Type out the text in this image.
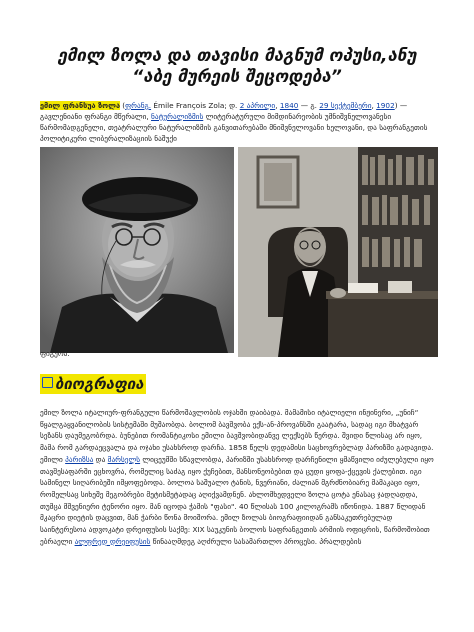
ემილ ზოლა და თავისი მაგნუმ ოპუსი,ანუ “აბე მურეის შეცოდება”
ემილ ფრანსუა ზოლა (ფრანგ. Émile François Zola; დ. 2 აპრილი, 1840 — გ. 29 სექტემბერი, 1902) — გავლენიანი ფრანგი მწერალი, ნატურალიზმის ლიტერატურული მიმდინარეობის უმნიშვნელოვანესი წარმომადგენელი, თეატრალური ნატურალიზმის განვითარებაში მნიშვნელოვანი ხელოვანი, და საფრანგეთის პოლიტიკური ლიბერალიზაციის ნაშუქი
ფიგურა.
ბიოგრაფია
ემილ ზოლა იტალიურ-ფრანგული წარმოშავლობის ოჯახში დაიბადა. მამამისი იტალიელი ინჟინერი, „უნიჩ“ წყალგაყვანილობის სისტემაში მუშაობდა. ბოლომ ბავშვობა ექს-ან-პროვანსში გაატარა, სადაც იგი მხატვარ სეზანს დაუმეგობრდა. ბუნებით რომანტიკოსი ემილი ბავშვობიდანვე ლექსებს წერდა. შვიდი წლისაც არ იყო, მამა რომ გარდაეცვალა და ოჯახი უსახსროდ დარჩა. 1858 წელს დედამისი საცხოვრებლად პარიზში გადავიდა. ემილი პარიზსა და მარსელს ლიცეუმში სწავლობდა, პარიზში უსახსროდ დარჩენილი ყმაწვილი იძულებული იყო თავშესაფარში ეცხოვრა, რომელიც საძაგ იყო ქუჩებით, შანსონეობებით და ცუდი ყოფა-ქცევის ქალებით. იგი სამინელ სიღარიბეში იმყოფებოდა. ბოლოა საშუალო ტანის, ნვერიანი, ძალიან მგრძნობიარე მამაკაცი იყო, რომელსაც სიხეშე მეგობრები მეტისმეტადაც აღიქვამდნენ. ახლომხედველი ზოლა ცოტა ენასაც ჯადღადდა, თუმცა მშვენიერი ტენორი იყო. მან იცოდა ჭამის "ფასი". 40 წლისას 100 კილოგრამს იწონიდა. 1887 წლიდან მკაცრი დიეტის დაცვით, მან ჭარბი წონა მოიშორა. ემილ ზოლას ბიოგრაფიიდან განსაკუთრებულად საინტერესოა ადვოკატი დრეიფუსის საქმე: XIX საუკუნის ბოლოს საფრანგეთის არმიის ოფიცრის, წარმოშობით ებრაელი ალფრედ დრეიფუსის წინააღმდეგ აღძრული სასამართლო პროცესი. პრალდების
